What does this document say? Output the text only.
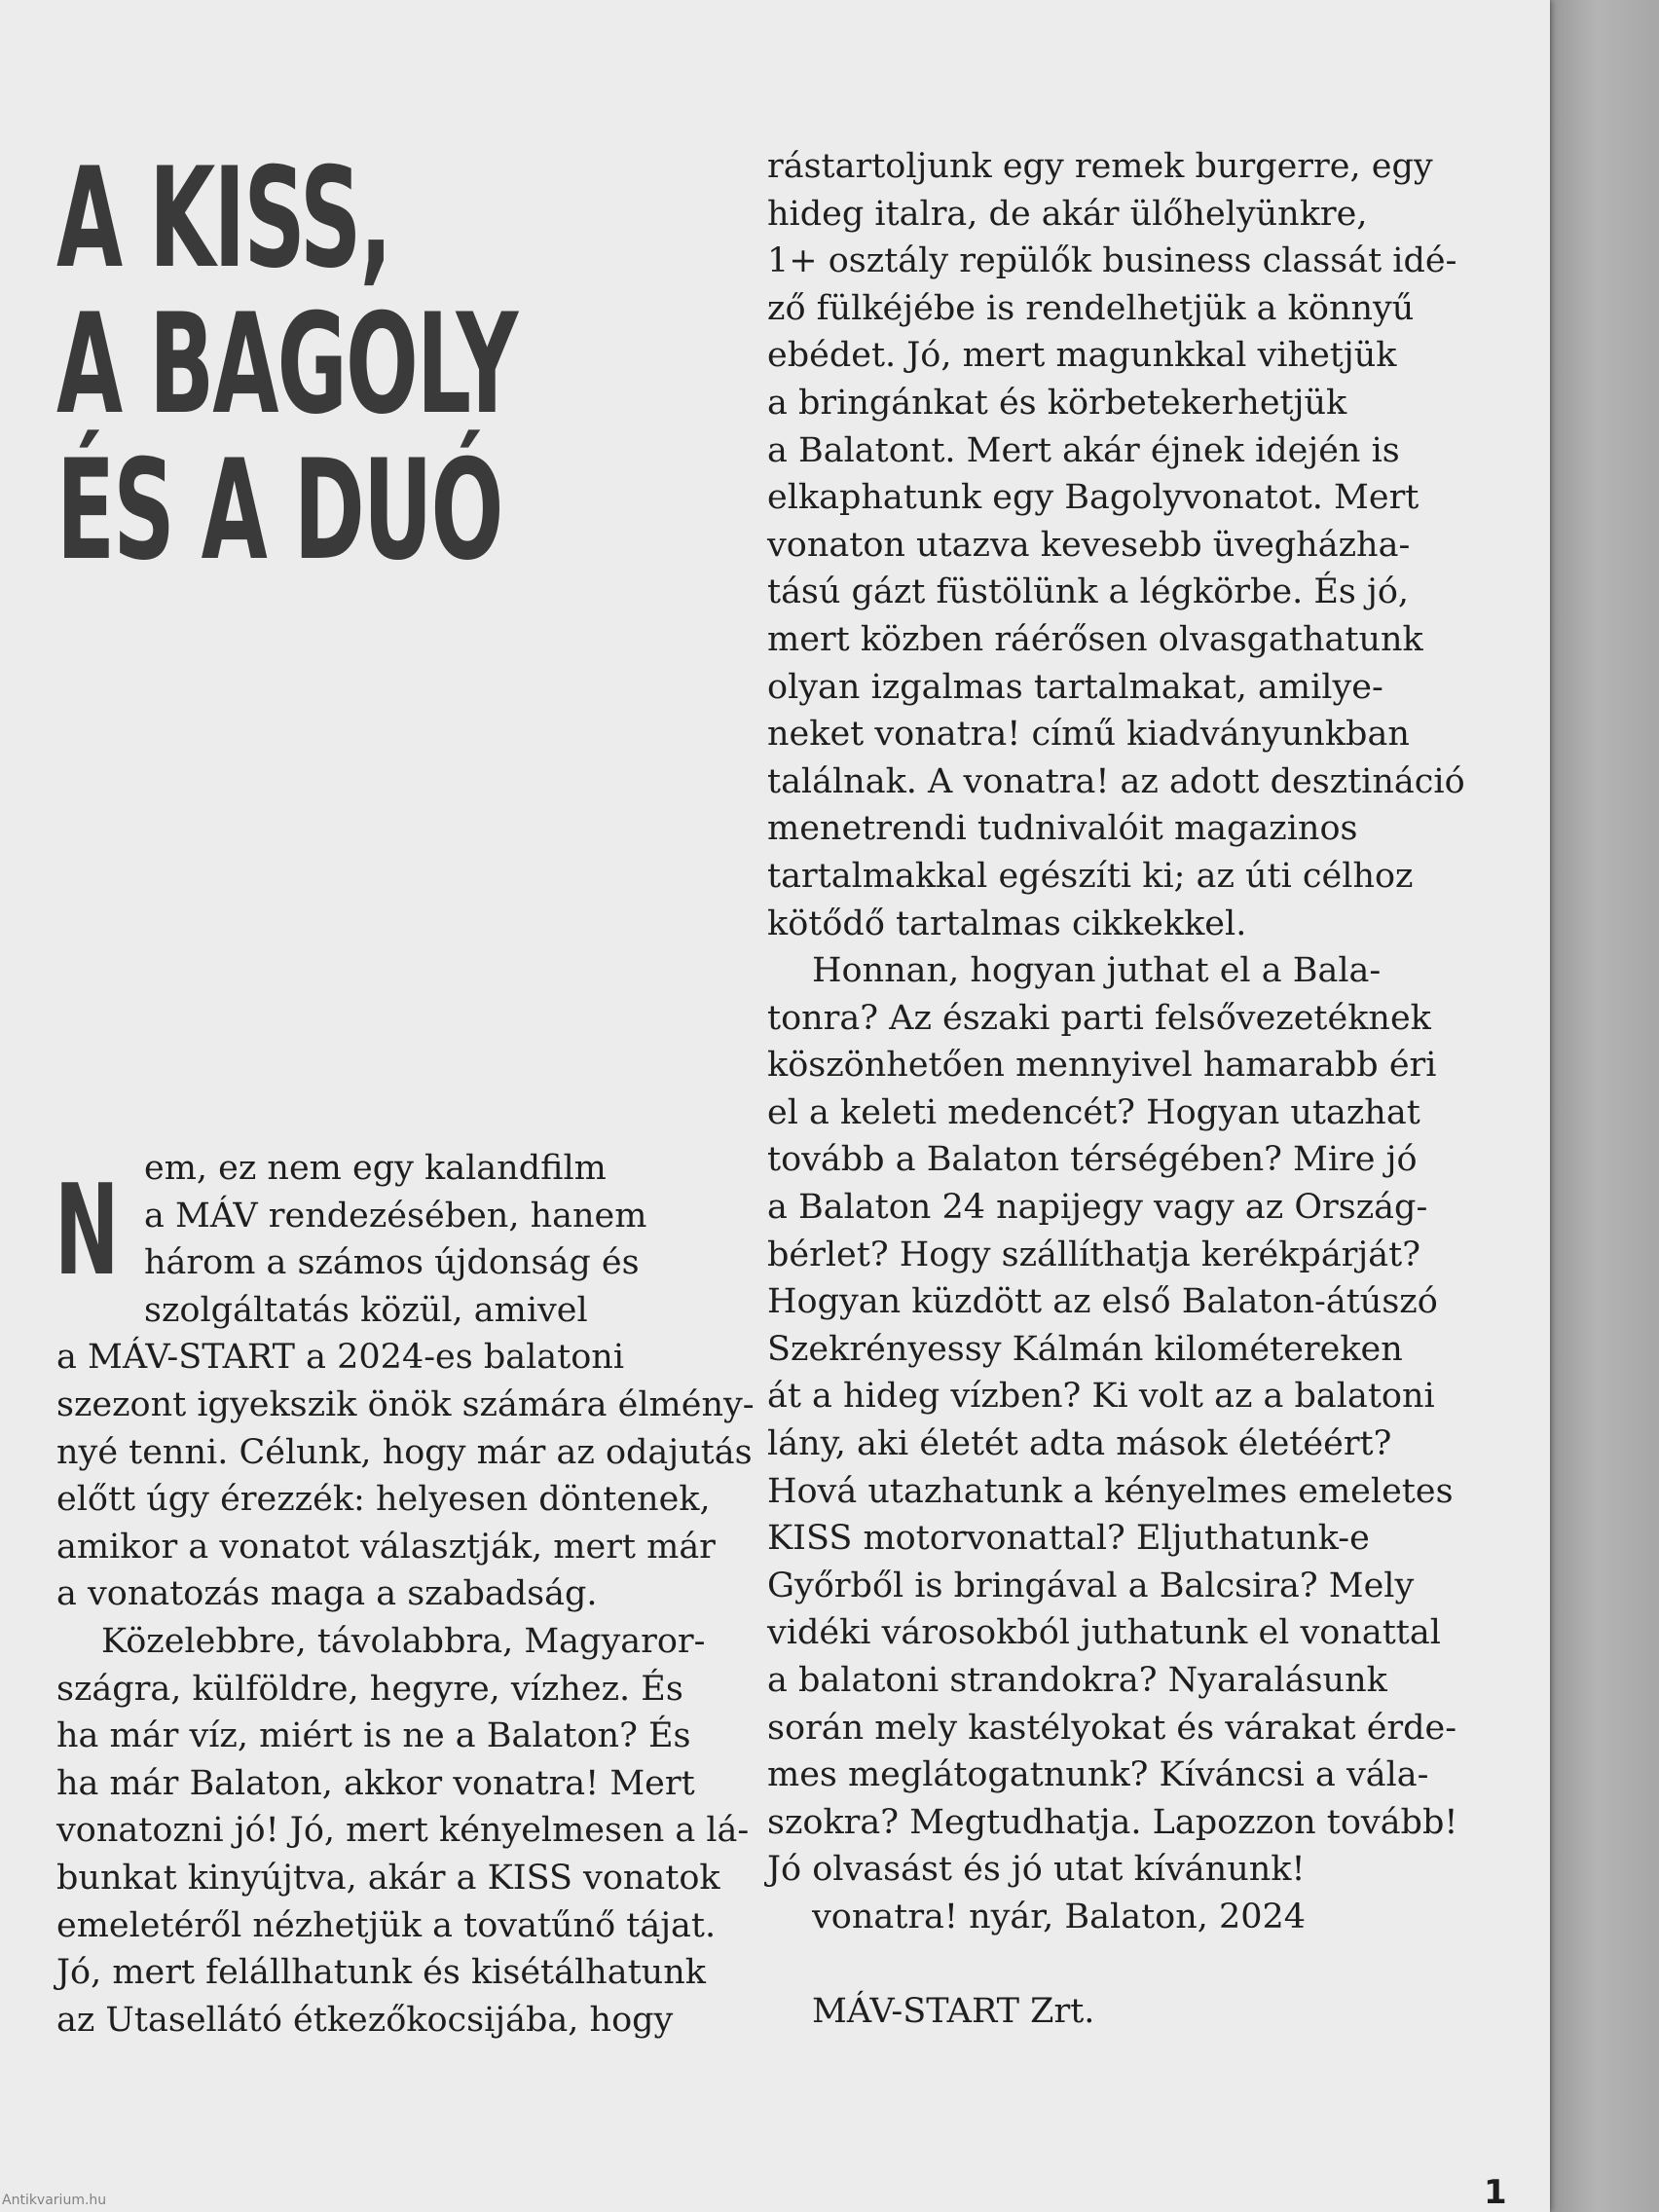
A KISS,
A BAGOLY
ÉS A DUÓ

N em, ez nem egy kalandfilm
a MÁV rendezésében, hanem
három a számos újdonság és
szolgáltatás közül, amivel
a MÁV-START a 2024-es balatoni
szezont igyekszik önök számára élmény-
nyé tenni. Célunk, hogy már az odajutás
előtt úgy érezzék: helyesen döntenek,
amikor a vonatot választják, mert már
a vonatozás maga a szabadság.

Közelebbre, távolabbra, Magyaror-
szágra, külföldre, hegyre, vízhez. És
ha már víz, miért is ne a Balaton? És
ha már Balaton, akkor vonatra! Mert
vonatozni jó! Jó, mert kényelmesen a lá-
bunkat kinyújtva, akár a KISS vonatok
emeletéről nézhetjük a tovatűnő tájat.
Jó, mert felállhatunk és kisétálhatunk
az Utasellátó étkezőkocsijába, hogy

rástartoljunk egy remek burgerre, egy
hideg italra, de akár ülőhelyünkre,
1+ osztály repülők business classát idé-
ző fülkéjébe is rendelhetjük a könnyű
ebédet. Jó, mert magunkkal vihetjük
a bringánkat és körbetekerhetjük
a Balatont. Mert akár éjnek idején is
elkaphatunk egy Bagolyvonatot. Mert
vonaton utazva kevesebb üvegházha-
tású gázt füstölünk a légkörbe. És jó,
mert közben ráérősen olvasgathatunk
olyan izgalmas tartalmakat, amilye-
neket vonatra! című kiadványunkban
találnak. A vonatra! az adott desztináció
menetrendi tudnivalóit magazinos
tartalmakkal egészíti ki; az úti célhoz
kötődő tartalmas cikkekkel.

Honnan, hogyan juthat el a Bala-
tonra? Az északi parti felsővezetéknek
köszönhetően mennyivel hamarabb éri
el a keleti medencét? Hogyan utazhat
tovább a Balaton térségében? Mire jó
a Balaton 24 napijegy vagy az Ország-
bérlet? Hogy szállíthatja kerékpárját?
Hogyan küzdött az első Balaton-átúszó
Szekrényessy Kálmán kilométereken
át a hideg vízben? Ki volt az a balatoni
lány, aki életét adta mások életéért?
Hová utazhatunk a kényelmes emeletes
KISS motorvonattal? Eljuthatunk-e
Győrből is bringával a Balcsira? Mely
vidéki városokból juthatunk el vonattal
a balatoni strandokra? Nyaralásunk
során mely kastélyokat és várakat érde-
mes meglátogatnunk? Kíváncsi a vála-
szokra? Megtudhatja. Lapozzon tovább!
Jó olvasást és jó utat kívánunk!

vonatra! nyár, Balaton, 2024

MÁV-START Zrt.

1
Antikvarium.hu
